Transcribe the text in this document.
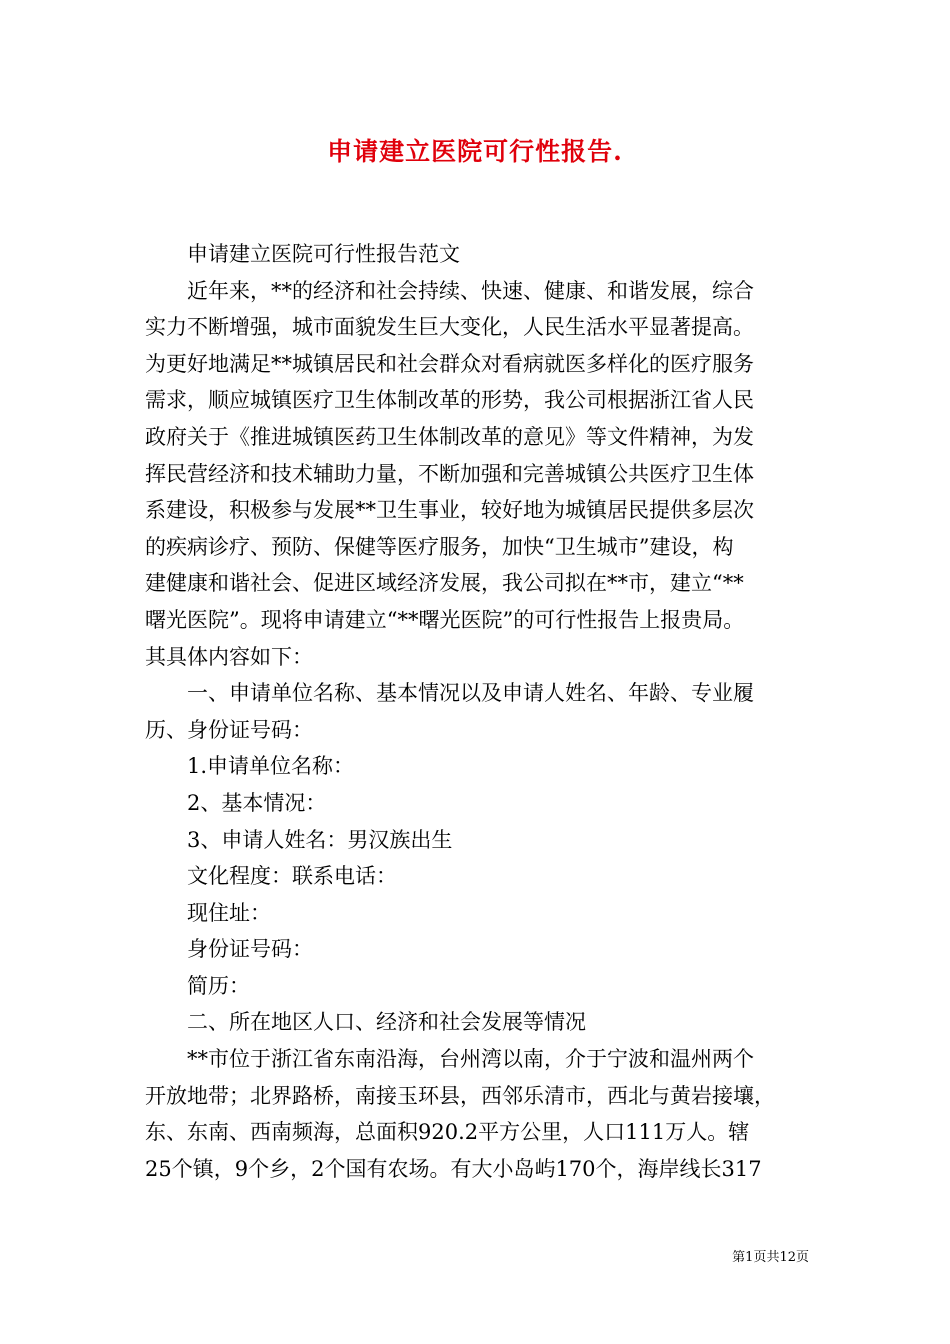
申请建立医院可行性报告.
　　申请建立医院可行性报告范文
　　近年来，**的经济和社会持续、快速、健康、和谐发展，综合
实力不断增强，城市面貌发生巨大变化，人民生活水平显著提高。
为更好地满足**城镇居民和社会群众对看病就医多样化的医疗服务
需求，顺应城镇医疗卫生体制改革的形势，我公司根据浙江省人民
政府关于《推进城镇医药卫生体制改革的意见》等文件精神，为发
挥民营经济和技术辅助力量，不断加强和完善城镇公共医疗卫生体
系建设，积极参与发展**卫生事业，较好地为城镇居民提供多层次
的疾病诊疗、预防、保健等医疗服务，加快“卫生城市”建设，构
建健康和谐社会、促进区域经济发展，我公司拟在**市，建立“**
曙光医院”。现将申请建立“**曙光医院”的可行性报告上报贵局。
其具体内容如下：
　　一、申请单位名称、基本情况以及申请人姓名、年龄、专业履
历、身份证号码：
　　1.申请单位名称：
　　2、基本情况：
　　3、申请人姓名：男汉族出生
　　文化程度：联系电话：
　　现住址：
　　身份证号码：
　　简历：
　　二、所在地区人口、经济和社会发展等情况
　　**市位于浙江省东南沿海，台州湾以南，介于宁波和温州两个
开放地带；北界路桥，南接玉环县，西邻乐清市，西北与黄岩接壤，
东、东南、西南频海，总面积920.2平方公里，人口111万人。辖
25个镇，9个乡，2个国有农场。有大小岛屿170个，海岸线长317
第1页共12页
